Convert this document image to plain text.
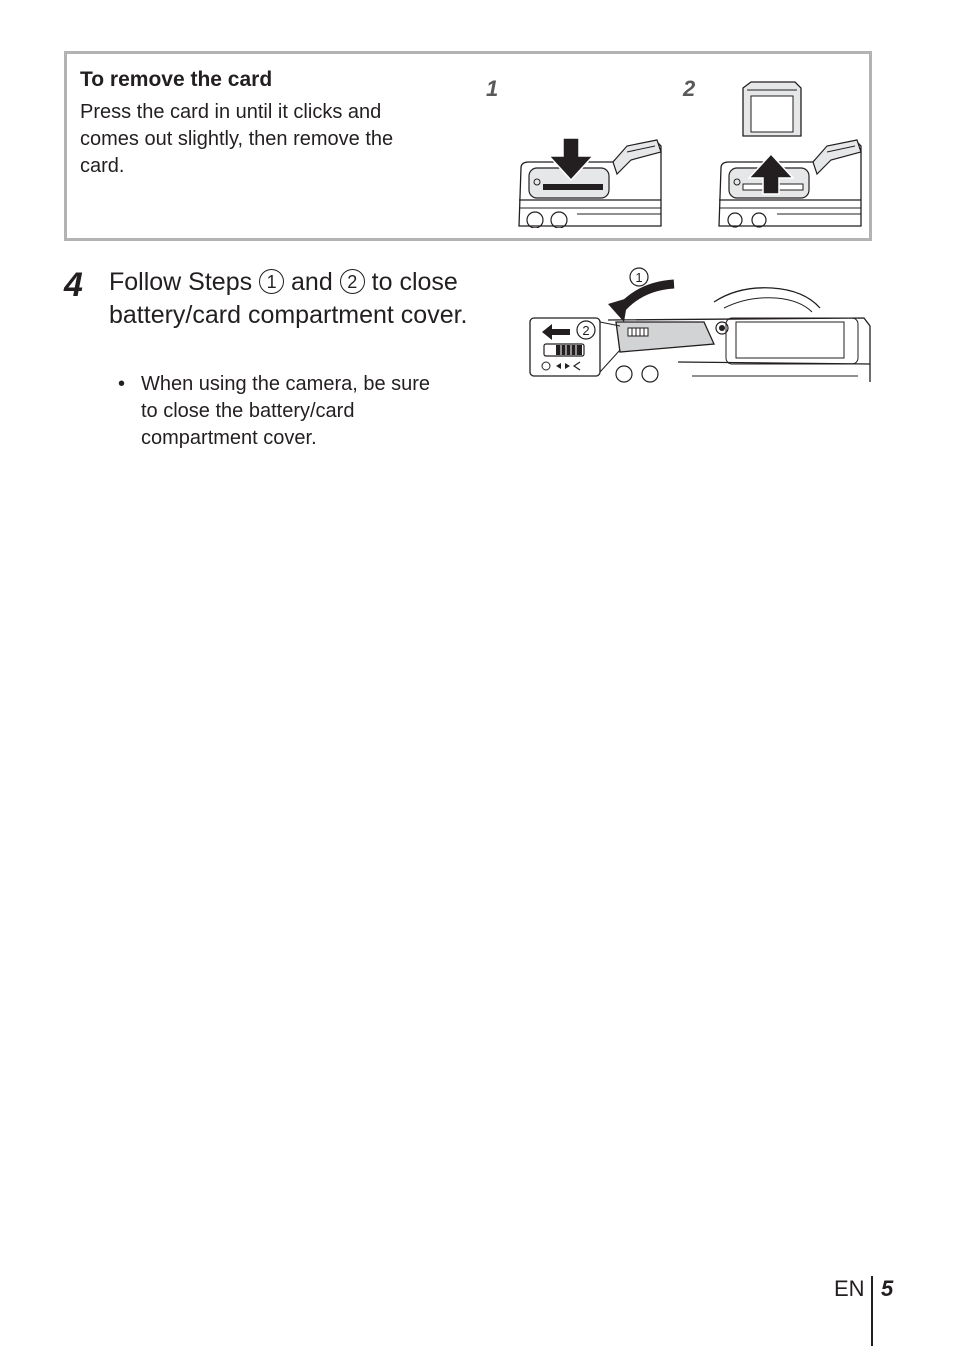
To remove the card
Press the card in until it clicks and comes out slightly, then remove the card.
1	2
4 Follow Steps 1 and 2 to close battery/card compartment cover.
• When using the camera, be sure to close the battery/card compartment cover.
1
2
EN 5
